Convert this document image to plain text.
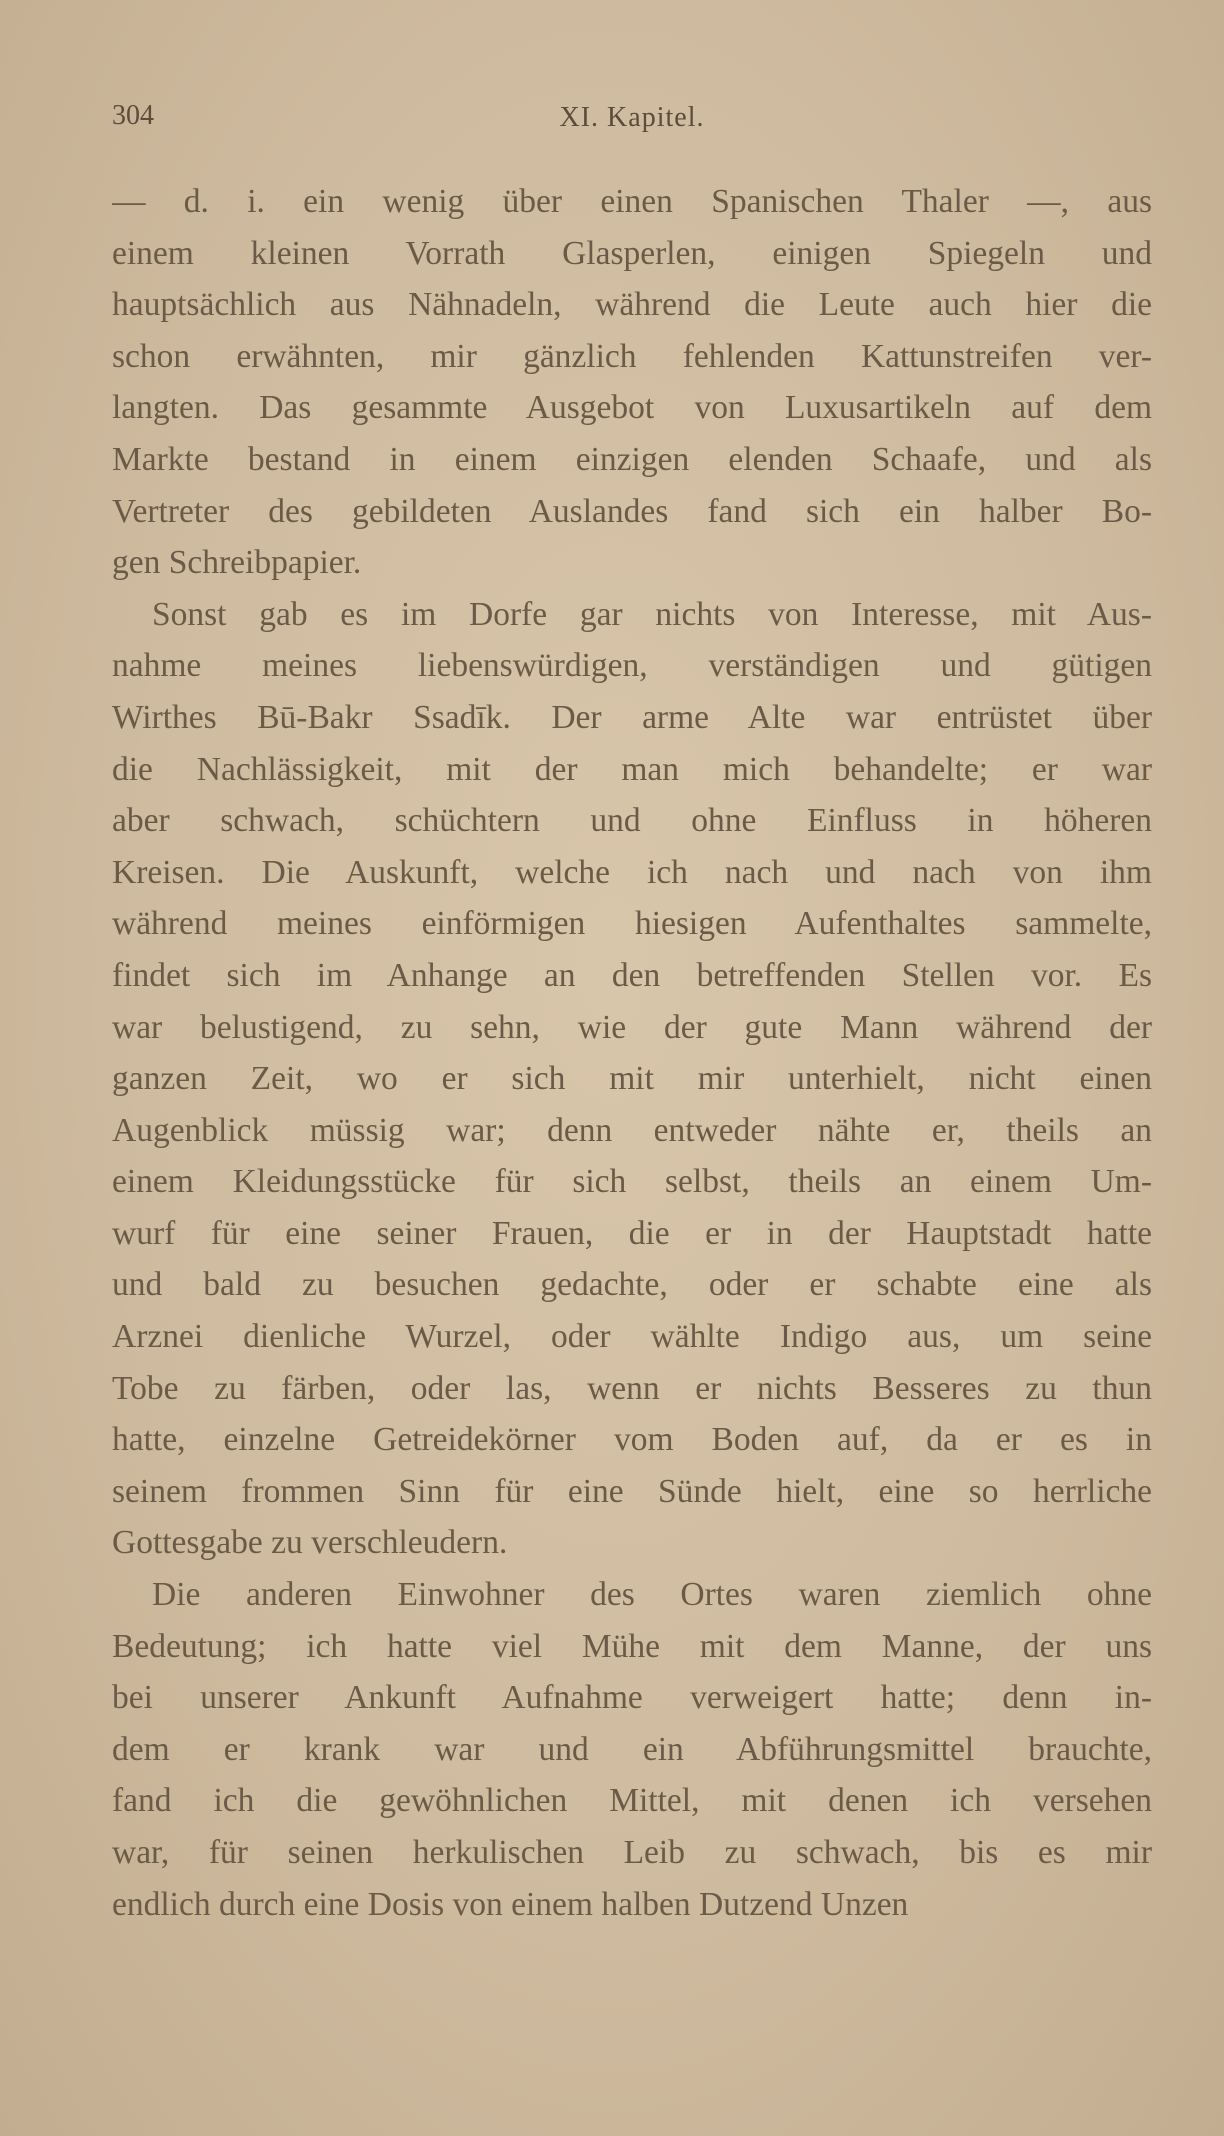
304	XI. Kapitel.
— d. i. ein wenig über einen Spanischen Thaler —, aus
einem kleinen Vorrath Glasperlen, einigen Spiegeln und
hauptsächlich aus Nähnadeln, während die Leute auch hier die
schon erwähnten, mir gänzlich fehlenden Kattunstreifen ver-
langten. Das gesammte Ausgebot von Luxusartikeln auf dem
Markte bestand in einem einzigen elenden Schaafe, und als
Vertreter des gebildeten Auslandes fand sich ein halber Bo-
gen Schreibpapier.
Sonst gab es im Dorfe gar nichts von Interesse, mit Aus-
nahme meines liebenswürdigen, verständigen und gütigen
Wirthes Bū-Bakr Ssadīk. Der arme Alte war entrüstet über
die Nachlässigkeit, mit der man mich behandelte; er war
aber schwach, schüchtern und ohne Einfluss in höheren
Kreisen. Die Auskunft, welche ich nach und nach von ihm
während meines einförmigen hiesigen Aufenthaltes sammelte,
findet sich im Anhange an den betreffenden Stellen vor. Es
war belustigend, zu sehn, wie der gute Mann während der
ganzen Zeit, wo er sich mit mir unterhielt, nicht einen
Augenblick müssig war; denn entweder nähte er, theils an
einem Kleidungsstücke für sich selbst, theils an einem Um-
wurf für eine seiner Frauen, die er in der Hauptstadt hatte
und bald zu besuchen gedachte, oder er schabte eine als
Arznei dienliche Wurzel, oder wählte Indigo aus, um seine
Tobe zu färben, oder las, wenn er nichts Besseres zu thun
hatte, einzelne Getreidekörner vom Boden auf, da er es in
seinem frommen Sinn für eine Sünde hielt, eine so herrliche
Gottesgabe zu verschleudern.
Die anderen Einwohner des Ortes waren ziemlich ohne
Bedeutung; ich hatte viel Mühe mit dem Manne, der uns
bei unserer Ankunft Aufnahme verweigert hatte; denn in-
dem er krank war und ein Abführungsmittel brauchte,
fand ich die gewöhnlichen Mittel, mit denen ich versehen
war, für seinen herkulischen Leib zu schwach, bis es mir
endlich durch eine Dosis von einem halben Dutzend Unzen
